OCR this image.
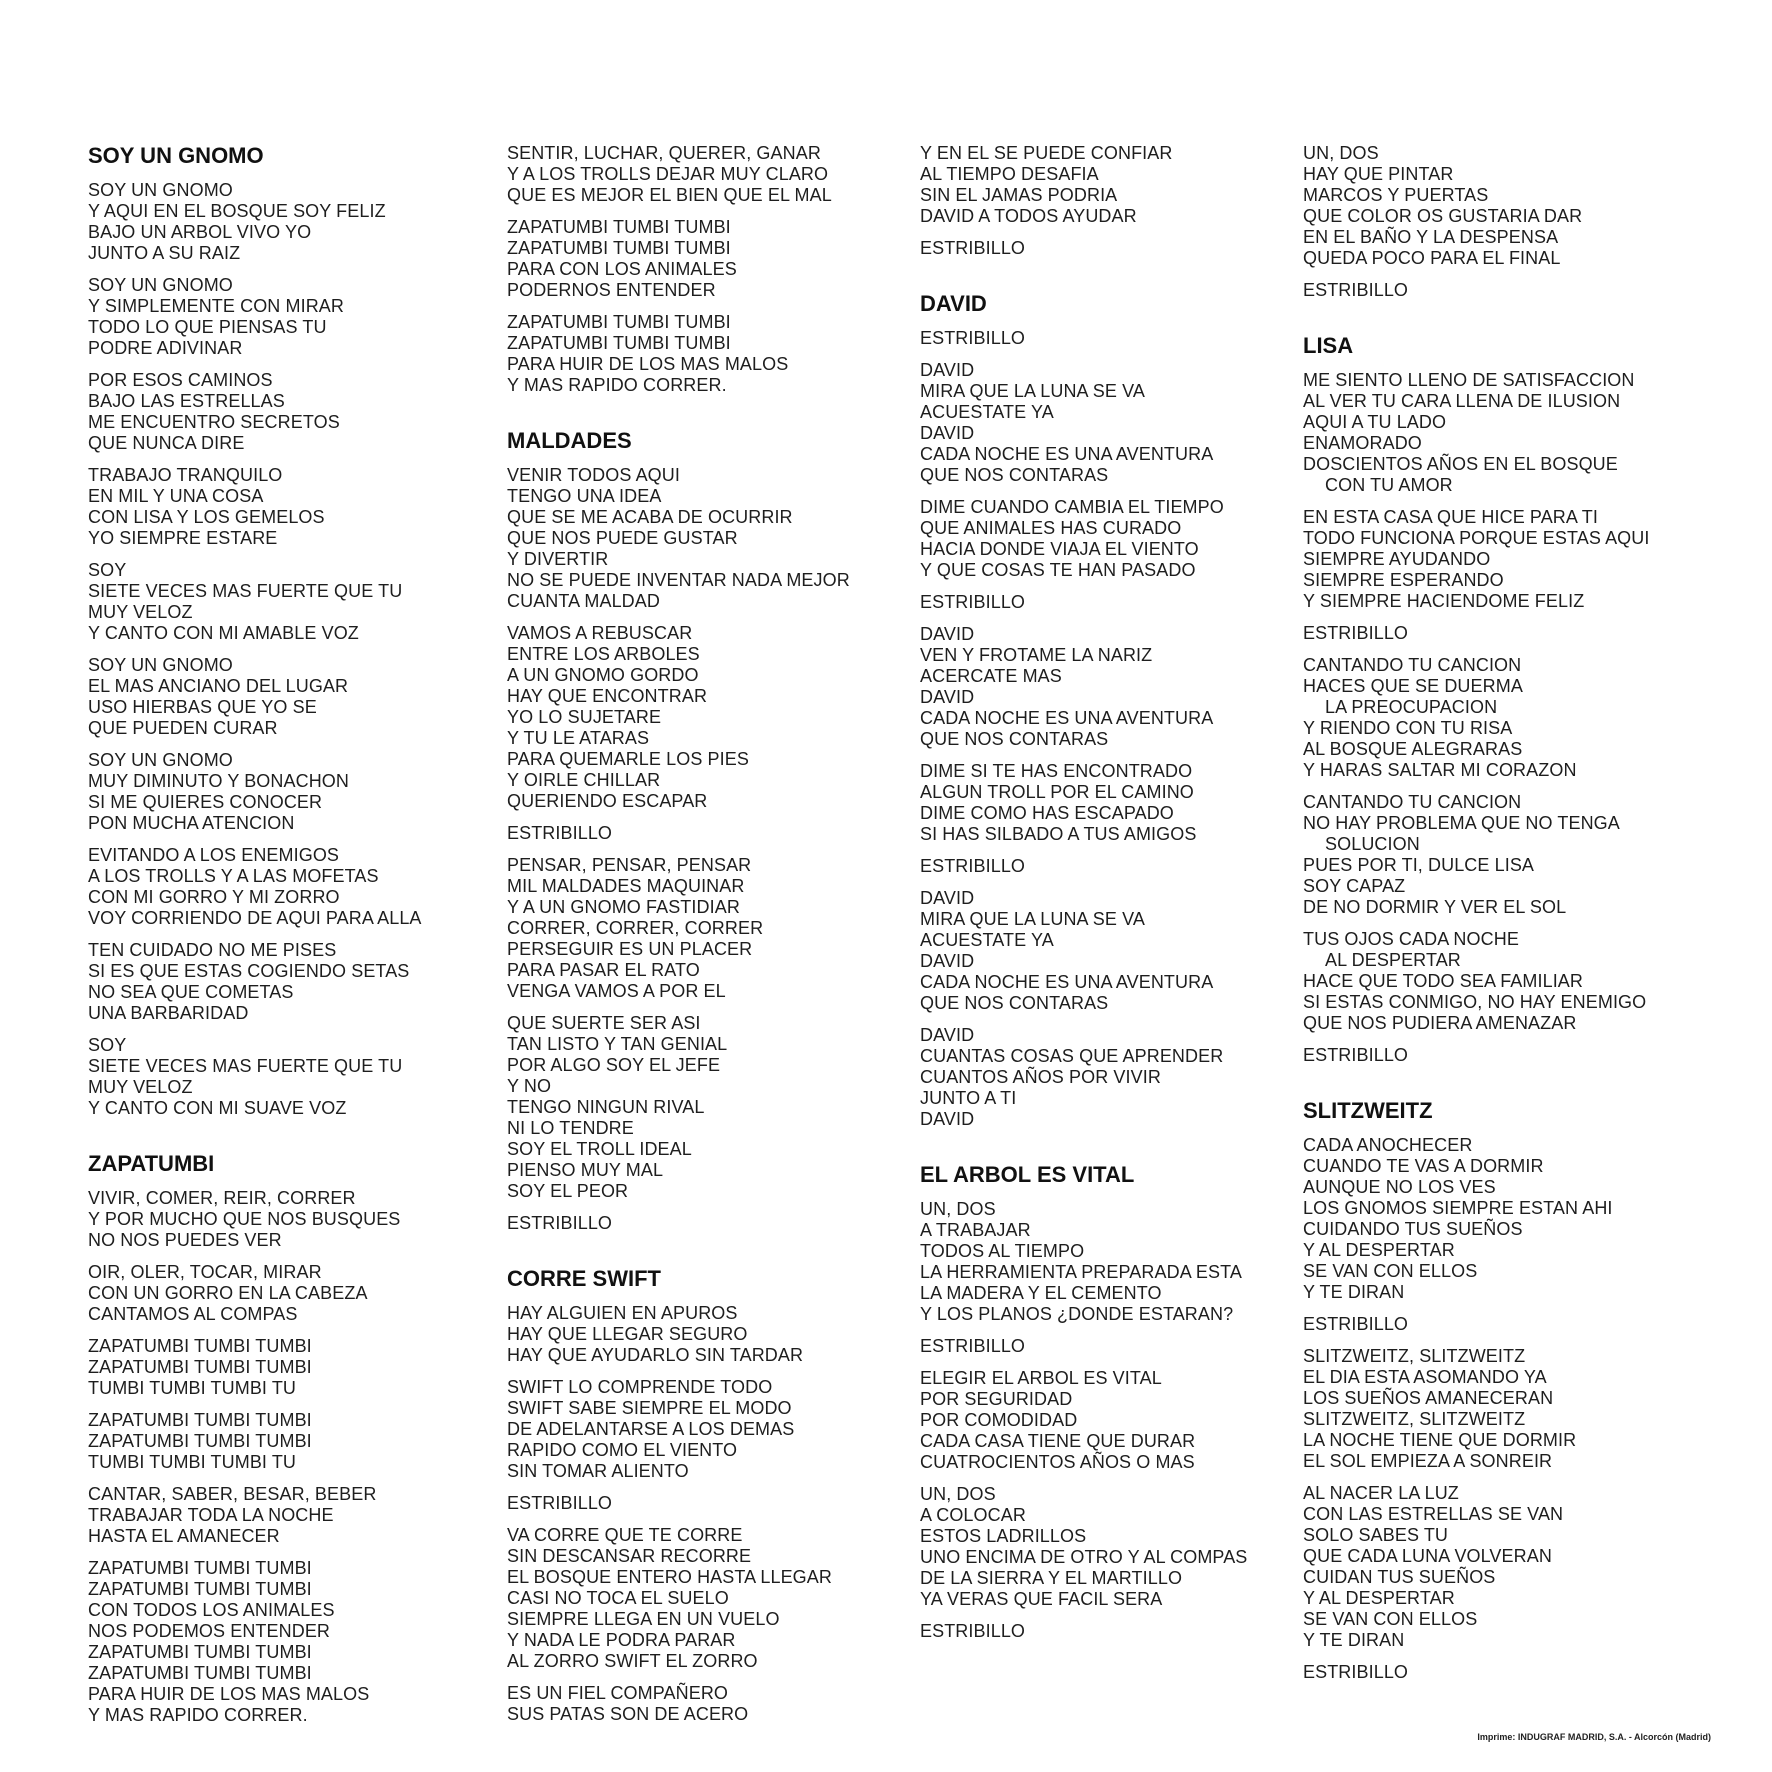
SOY UN GNOMO
SOY UN GNOMO
Y AQUI EN EL BOSQUE SOY FELIZ
BAJO UN ARBOL VIVO YO
JUNTO A SU RAIZ
SOY UN GNOMO
Y SIMPLEMENTE CON MIRAR
TODO LO QUE PIENSAS TU
PODRE ADIVINAR
POR ESOS CAMINOS
BAJO LAS ESTRELLAS
ME ENCUENTRO SECRETOS
QUE NUNCA DIRE
TRABAJO TRANQUILO
EN MIL Y UNA COSA
CON LISA Y LOS GEMELOS
YO SIEMPRE ESTARE
SOY
SIETE VECES MAS FUERTE QUE TU
MUY VELOZ
Y CANTO CON MI AMABLE VOZ
SOY UN GNOMO
EL MAS ANCIANO DEL LUGAR
USO HIERBAS QUE YO SE
QUE PUEDEN CURAR
SOY UN GNOMO
MUY DIMINUTO Y BONACHON
SI ME QUIERES CONOCER
PON MUCHA ATENCION
EVITANDO A LOS ENEMIGOS
A LOS TROLLS Y A LAS MOFETAS
CON MI GORRO Y MI ZORRO
VOY CORRIENDO DE AQUI PARA ALLA
TEN CUIDADO NO ME PISES
SI ES QUE ESTAS COGIENDO SETAS
NO SEA QUE COMETAS
UNA BARBARIDAD
SOY
SIETE VECES MAS FUERTE QUE TU
MUY VELOZ
Y CANTO CON MI SUAVE VOZ
ZAPATUMBI
VIVIR, COMER, REIR, CORRER
Y POR MUCHO QUE NOS BUSQUES
NO NOS PUEDES VER
OIR, OLER, TOCAR, MIRAR
CON UN GORRO EN LA CABEZA
CANTAMOS AL COMPAS
ZAPATUMBI TUMBI TUMBI
ZAPATUMBI TUMBI TUMBI
TUMBI TUMBI TUMBI TU
ZAPATUMBI TUMBI TUMBI
ZAPATUMBI TUMBI TUMBI
TUMBI TUMBI TUMBI TU
CANTAR, SABER, BESAR, BEBER
TRABAJAR TODA LA NOCHE
HASTA EL AMANECER
ZAPATUMBI TUMBI TUMBI
ZAPATUMBI TUMBI TUMBI
CON TODOS LOS ANIMALES
NOS PODEMOS ENTENDER
ZAPATUMBI TUMBI TUMBI
ZAPATUMBI TUMBI TUMBI
PARA HUIR DE LOS MAS MALOS
Y MAS RAPIDO CORRER.
SENTIR, LUCHAR, QUERER, GANAR
Y A LOS TROLLS DEJAR MUY CLARO
QUE ES MEJOR EL BIEN QUE EL MAL
ZAPATUMBI TUMBI TUMBI
ZAPATUMBI TUMBI TUMBI
PARA CON LOS ANIMALES
PODERNOS ENTENDER
ZAPATUMBI TUMBI TUMBI
ZAPATUMBI TUMBI TUMBI
PARA HUIR DE LOS MAS MALOS
Y MAS RAPIDO CORRER.
MALDADES
VENIR TODOS AQUI
TENGO UNA IDEA
QUE SE ME ACABA DE OCURRIR
QUE NOS PUEDE GUSTAR
Y DIVERTIR
NO SE PUEDE INVENTAR NADA MEJOR
CUANTA MALDAD
VAMOS A REBUSCAR
ENTRE LOS ARBOLES
A UN GNOMO GORDO
HAY QUE ENCONTRAR
YO LO SUJETARE
Y TU LE ATARAS
PARA QUEMARLE LOS PIES
Y OIRLE CHILLAR
QUERIENDO ESCAPAR
ESTRIBILLO
PENSAR, PENSAR, PENSAR
MIL MALDADES MAQUINAR
Y A UN GNOMO FASTIDIAR
CORRER, CORRER, CORRER
PERSEGUIR ES UN PLACER
PARA PASAR EL RATO
VENGA VAMOS A POR EL
QUE SUERTE SER ASI
TAN LISTO Y TAN GENIAL
POR ALGO SOY EL JEFE
Y NO
TENGO NINGUN RIVAL
NI LO TENDRE
SOY EL TROLL IDEAL
PIENSO MUY MAL
SOY EL PEOR
ESTRIBILLO
CORRE SWIFT
HAY ALGUIEN EN APUROS
HAY QUE LLEGAR SEGURO
HAY QUE AYUDARLO SIN TARDAR
SWIFT LO COMPRENDE TODO
SWIFT SABE SIEMPRE EL MODO
DE ADELANTARSE A LOS DEMAS
RAPIDO COMO EL VIENTO
SIN TOMAR ALIENTO
ESTRIBILLO
VA CORRE QUE TE CORRE
SIN DESCANSAR RECORRE
EL BOSQUE ENTERO HASTA LLEGAR
CASI NO TOCA EL SUELO
SIEMPRE LLEGA EN UN VUELO
Y NADA LE PODRA PARAR
AL ZORRO SWIFT EL ZORRO
ES UN FIEL COMPAÑERO
SUS PATAS SON DE ACERO
Y EN EL SE PUEDE CONFIAR
AL TIEMPO DESAFIA
SIN EL JAMAS PODRIA
DAVID A TODOS AYUDAR
ESTRIBILLO
DAVID
ESTRIBILLO
DAVID
MIRA QUE LA LUNA SE VA
ACUESTATE YA
DAVID
CADA NOCHE ES UNA AVENTURA
QUE NOS CONTARAS
DIME CUANDO CAMBIA EL TIEMPO
QUE ANIMALES HAS CURADO
HACIA DONDE VIAJA EL VIENTO
Y QUE COSAS TE HAN PASADO
ESTRIBILLO
DAVID
VEN Y FROTAME LA NARIZ
ACERCATE MAS
DAVID
CADA NOCHE ES UNA AVENTURA
QUE NOS CONTARAS
DIME SI TE HAS ENCONTRADO
ALGUN TROLL POR EL CAMINO
DIME COMO HAS ESCAPADO
SI HAS SILBADO A TUS AMIGOS
ESTRIBILLO
DAVID
MIRA QUE LA LUNA SE VA
ACUESTATE YA
DAVID
CADA NOCHE ES UNA AVENTURA
QUE NOS CONTARAS
DAVID
CUANTAS COSAS QUE APRENDER
CUANTOS AÑOS POR VIVIR
JUNTO A TI
DAVID
EL ARBOL ES VITAL
UN, DOS
A TRABAJAR
TODOS AL TIEMPO
LA HERRAMIENTA PREPARADA ESTA
LA MADERA Y EL CEMENTO
Y LOS PLANOS ¿DONDE ESTARAN?
ESTRIBILLO
ELEGIR EL ARBOL ES VITAL
POR SEGURIDAD
POR COMODIDAD
CADA CASA TIENE QUE DURAR
CUATROCIENTOS AÑOS O MAS
UN, DOS
A COLOCAR
ESTOS LADRILLOS
UNO ENCIMA DE OTRO Y AL COMPAS
DE LA SIERRA Y EL MARTILLO
YA VERAS QUE FACIL SERA
ESTRIBILLO
UN, DOS
HAY QUE PINTAR
MARCOS Y PUERTAS
QUE COLOR OS GUSTARIA DAR
EN EL BAÑO Y LA DESPENSA
QUEDA POCO PARA EL FINAL
ESTRIBILLO
LISA
ME SIENTO LLENO DE SATISFACCION
AL VER TU CARA LLENA DE ILUSION
AQUI A TU LADO
ENAMORADO
DOSCIENTOS AÑOS EN EL BOSQUE
CON TU AMOR
EN ESTA CASA QUE HICE PARA TI
TODO FUNCIONA PORQUE ESTAS AQUI
SIEMPRE AYUDANDO
SIEMPRE ESPERANDO
Y SIEMPRE HACIENDOME FELIZ
ESTRIBILLO
CANTANDO TU CANCION
HACES QUE SE DUERMA
LA PREOCUPACION
Y RIENDO CON TU RISA
AL BOSQUE ALEGRARAS
Y HARAS SALTAR MI CORAZON
CANTANDO TU CANCION
NO HAY PROBLEMA QUE NO TENGA
SOLUCION
PUES POR TI, DULCE LISA
SOY CAPAZ
DE NO DORMIR Y VER EL SOL
TUS OJOS CADA NOCHE
AL DESPERTAR
HACE QUE TODO SEA FAMILIAR
SI ESTAS CONMIGO, NO HAY ENEMIGO
QUE NOS PUDIERA AMENAZAR
ESTRIBILLO
SLITZWEITZ
CADA ANOCHECER
CUANDO TE VAS A DORMIR
AUNQUE NO LOS VES
LOS GNOMOS SIEMPRE ESTAN AHI
CUIDANDO TUS SUEÑOS
Y AL DESPERTAR
SE VAN CON ELLOS
Y TE DIRAN
ESTRIBILLO
SLITZWEITZ, SLITZWEITZ
EL DIA ESTA ASOMANDO YA
LOS SUEÑOS AMANECERAN
SLITZWEITZ, SLITZWEITZ
LA NOCHE TIENE QUE DORMIR
EL SOL EMPIEZA A SONREIR
AL NACER LA LUZ
CON LAS ESTRELLAS SE VAN
SOLO SABES TU
QUE CADA LUNA VOLVERAN
CUIDAN TUS SUEÑOS
Y AL DESPERTAR
SE VAN CON ELLOS
Y TE DIRAN
ESTRIBILLO
Imprime: INDUGRAF MADRID, S.A. - Alcorcón (Madrid)
